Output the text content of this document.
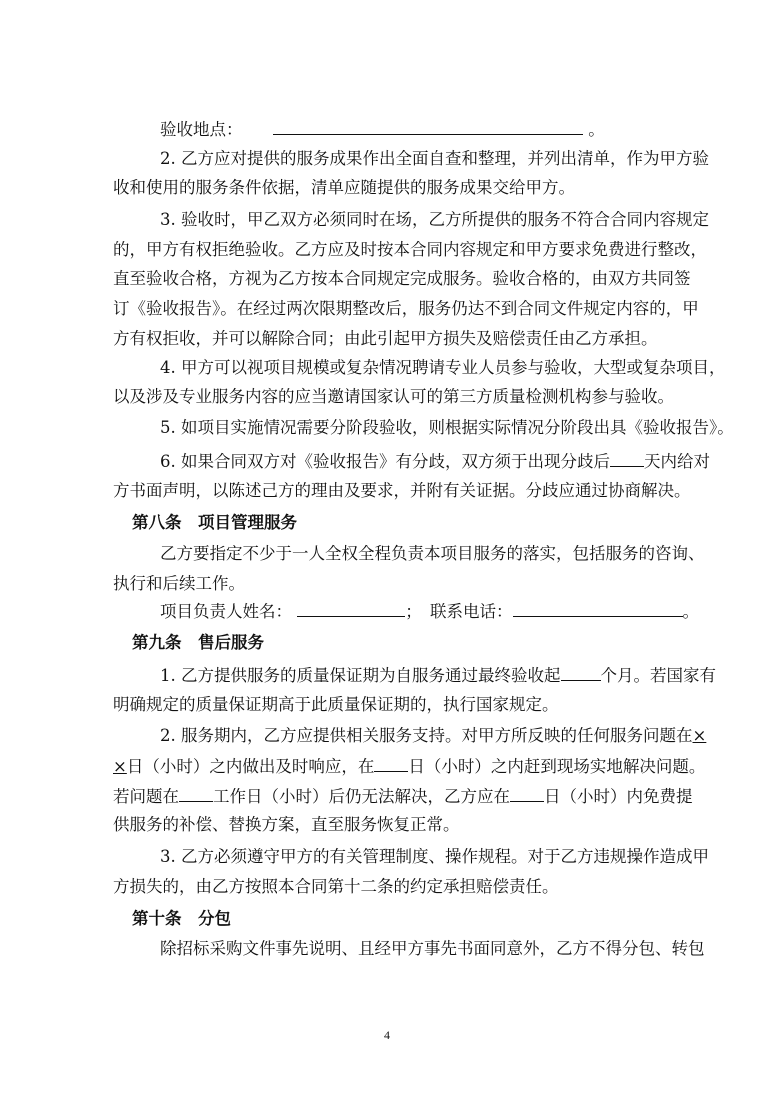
验收地点：	。
2. 乙方应对提供的服务成果作出全面自查和整理，并列出清单，作为甲方验
收和使用的服务条件依据，清单应随提供的服务成果交给甲方。
3. 验收时，甲乙双方必须同时在场，乙方所提供的服务不符合合同内容规定
的，甲方有权拒绝验收。乙方应及时按本合同内容规定和甲方要求免费进行整改，
直至验收合格，方视为乙方按本合同规定完成服务。验收合格的，由双方共同签
订《验收报告》。在经过两次限期整改后，服务仍达不到合同文件规定内容的，甲
方有权拒收，并可以解除合同；由此引起甲方损失及赔偿责任由乙方承担。
4. 甲方可以视项目规模或复杂情况聘请专业人员参与验收，大型或复杂项目，
以及涉及专业服务内容的应当邀请国家认可的第三方质量检测机构参与验收。
5. 如项目实施情况需要分阶段验收，则根据实际情况分阶段出具《验收报告》。
6. 如果合同双方对《验收报告》有分歧，双方须于出现分歧后 天内给对
方书面声明，以陈述己方的理由及要求，并附有关证据。分歧应通过协商解决。
第八条　项目管理服务
乙方要指定不少于一人全权全程负责本项目服务的落实，包括服务的咨询、
执行和后续工作。
项目负责人姓名：	；　联系电话：	。
第九条　售后服务
1. 乙方提供服务的质量保证期为自服务通过最终验收起 个月。若国家有
明确规定的质量保证期高于此质量保证期的，执行国家规定。
2. 服务期内，乙方应提供相关服务支持。对甲方所反映的任何服务问题在×
×日（小时）之内做出及时响应，在 日（小时）之内赶到现场实地解决问题。
若问题在 工作日（小时）后仍无法解决，乙方应在 日（小时）内免费提
供服务的补偿、替换方案，直至服务恢复正常。
3. 乙方必须遵守甲方的有关管理制度、操作规程。对于乙方违规操作造成甲
方损失的，由乙方按照本合同第十二条的约定承担赔偿责任。
第十条　分包
除招标采购文件事先说明、且经甲方事先书面同意外，乙方不得分包、转包
4
